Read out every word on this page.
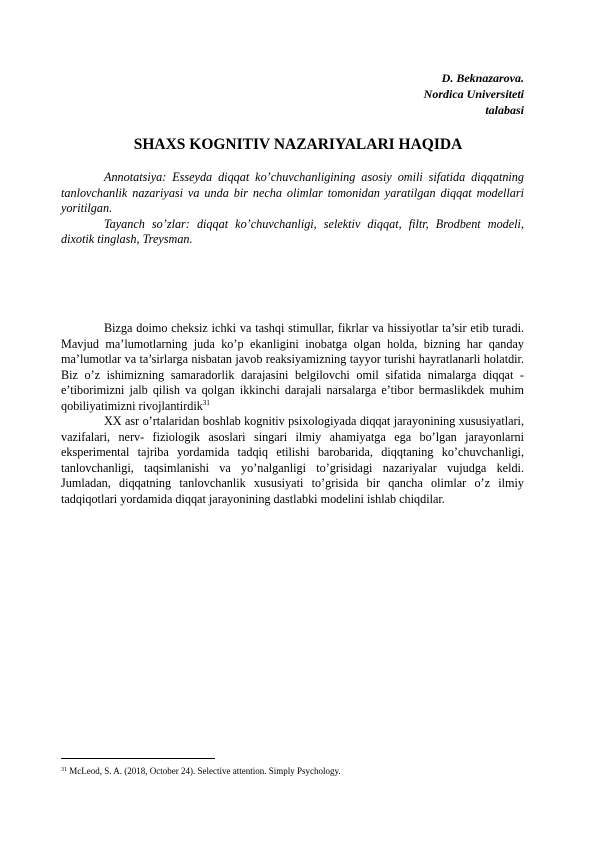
D. Beknazarova.
Nordica Universiteti
talabasi
SHAXS KOGNITIV NAZARIYALARI HAQIDA

Annotatsiya: Esseyda diqqat ko’chuvchanligining asosiy omili sifatida diqqatning tanlovchanlik nazariyasi va unda bir necha olimlar tomonidan yaratilgan diqqat modellari yoritilgan.

Tayanch so’zlar: diqqat ko’chuvchanligi, selektiv diqqat, filtr, Brodbent modeli, dixotik tinglash, Treysman.

Bizga doimo cheksiz ichki va tashqi stimullar, fikrlar va hissiyotlar ta’sir etib turadi. Mavjud ma’lumotlarning juda ko’p ekanligini inobatga olgan holda, bizning har qanday ma’lumotlar va ta’sirlarga nisbatan javob reaksiyamizning tayyor turishi hayratlanarli holatdir. Biz o’z ishimizning samaradorlik darajasini belgilovchi omil sifatida nimalarga diqqat - e’tiborimizni jalb qilish va qolgan ikkinchi darajali narsalarga e’tibor bermaslikdek muhim qobiliyatimizni rivojlantirdik$^{31}$

XX asr o’rtalaridan boshlab kognitiv psixologiyada diqqat jarayonining xususiyatlari, vazifalari, nerv- fiziologik asoslari singari ilmiy ahamiyatga ega bo’lgan jarayonlarni eksperimental tajriba yordamida tadqiq etilishi barobarida, diqqtaning ko’chuvchanligi, tanlovchanligi, taqsimlanishi va yo’nalganligi to’grisidagi nazariyalar vujudga keldi. Jumladan, diqqatning tanlovchanlik xususiyati to’grisida bir qancha olimlar o’z ilmiy tadqiqotlari yordamida diqqat jarayonining dastlabki modelini ishlab chiqdilar.

$^{31}$ McLeod, S. A. (2018, October 24). Selective attention. Simply Psychology.
